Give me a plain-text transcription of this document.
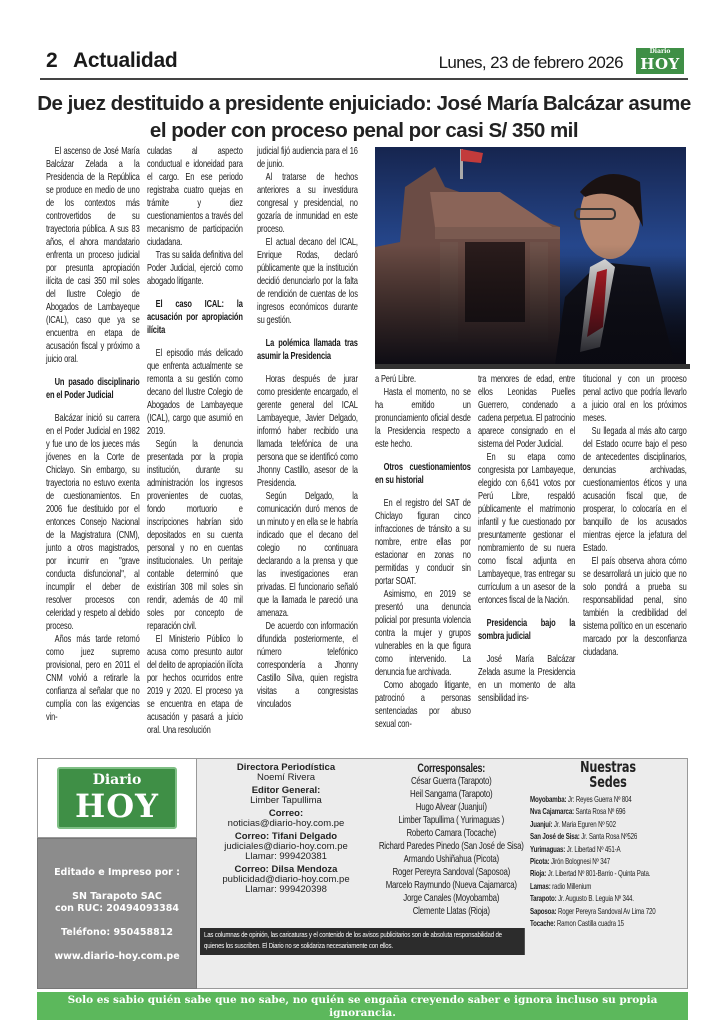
2 Actualidad	Lunes, 23 de febrero 2026
Diario
HOY
De juez destituido a presidente enjuiciado: José María Balcázar asume el poder con proceso penal por casi S/ 350 mil

El ascenso de José María Balcázar Zelada a la Presidencia de la República se produce en medio de uno de los contextos más controvertidos de su trayectoria pública. A sus 83 años, el ahora mandatario enfrenta un proceso judicial por presunta apropiación ilícita de casi 350 mil soles del Ilustre Colegio de Abogados de Lambayeque (ICAL), caso que ya se encuentra en etapa de acusación fiscal y próximo a juicio oral.

Un pasado disciplinario en el Poder Judicial

Balcázar inició su carrera en el Poder Judicial en 1982 y fue uno de los jueces más jóvenes en la Corte de Chiclayo. Sin embargo, su trayectoria no estuvo exenta de cuestionamientos. En 2006 fue destituido por el entonces Consejo Nacional de la Magistratura (CNM), junto a otros magistrados, por incurrir en "grave conducta disfuncional", al incumplir el deber de resolver procesos con celeridad y respeto al debido proceso.

Años más tarde retornó como juez supremo provisional, pero en 2011 el CNM volvió a retirarle la confianza al señalar que no cumplía con las exigencias vin-

culadas al aspecto conductual e idoneidad para el cargo. En ese periodo registraba cuatro quejas en trámite y diez cuestionamientos a través del mecanismo de participación ciudadana.

Tras su salida definitiva del Poder Judicial, ejerció como abogado litigante.

El caso ICAL: la acusación por apropiación ilícita

El episodio más delicado que enfrenta actualmente se remonta a su gestión como decano del Ilustre Colegio de Abogados de Lambayeque (ICAL), cargo que asumió en 2019.

Según la denuncia presentada por la propia institución, durante su administración los ingresos provenientes de cuotas, fondo mortuorio e inscripciones habrían sido depositados en su cuenta personal y no en cuentas institucionales. Un peritaje contable determinó que existirían 308 mil soles sin rendir, además de 40 mil soles por concepto de reparación civil.

El Ministerio Público lo acusa como presunto autor del delito de apropiación ilícita por hechos ocurridos entre 2019 y 2020. El proceso ya se encuentra en etapa de acusación y pasará a juicio oral. Una resolución

judicial fijó audiencia para el 16 de junio.

Al tratarse de hechos anteriores a su investidura congresal y presidencial, no gozaría de inmunidad en este proceso.

El actual decano del ICAL, Enrique Rodas, declaró públicamente que la institución decidió denunciarlo por la falta de rendición de cuentas de los ingresos económicos durante su gestión.

La polémica llamada tras asumir la Presidencia

Horas después de jurar como presidente encargado, el gerente general del ICAL Lambayeque, Javier Delgado, informó haber recibido una llamada telefónica de una persona que se identificó como Jhonny Castillo, asesor de la Presidencia.

Según Delgado, la comunicación duró menos de un minuto y en ella se le habría indicado que el decano del colegio no continuara declarando a la prensa y que las investigaciones eran privadas. El funcionario señaló que la llamada le pareció una amenaza.

De acuerdo con información difundida posteriormente, el número telefónico correspondería a Jhonny Castillo Silva, quien registra visitas a congresistas vinculados

a Perú Libre.

Hasta el momento, no se ha emitido un pronunciamiento oficial desde la Presidencia respecto a este hecho.

Otros cuestionamientos en su historial

En el registro del SAT de Chiclayo figuran cinco infracciones de tránsito a su nombre, entre ellas por estacionar en zonas no permitidas y conducir sin portar SOAT.

Asimismo, en 2019 se presentó una denuncia policial por presunta violencia contra la mujer y grupos vulnerables en la que figura como intervenido. La denuncia fue archivada.

Como abogado litigante, patrocinó a personas sentenciadas por abuso sexual con-

tra menores de edad, entre ellos Leonidas Puelles Guerrero, condenado a cadena perpetua. El patrocinio aparece consignado en el sistema del Poder Judicial.

En su etapa como congresista por Lambayeque, elegido con 6,641 votos por Perú Libre, respaldó públicamente el matrimonio infantil y fue cuestionado por presuntamente gestionar el nombramiento de su nuera como fiscal adjunta en Lambayeque, tras entregar su currículum a un asesor de la entonces fiscal de la Nación.

Presidencia bajo la sombra judicial

José María Balcázar Zelada asume la Presidencia en un momento de alta sensibilidad ins-

titucional y con un proceso penal activo que podría llevarlo a juicio oral en los próximos meses.

Su llegada al más alto cargo del Estado ocurre bajo el peso de antecedentes disciplinarios, denuncias archivadas, cuestionamientos éticos y una acusación fiscal que, de prosperar, lo colocaría en el banquillo de los acusados mientras ejerce la jefatura del Estado.

El país observa ahora cómo se desarrollará un juicio que no solo pondrá a prueba su responsabilidad penal, sino también la credibilidad del sistema político en un escenario marcado por la desconfianza ciudadana.

Diario
HOY
Editado e Impreso por :
SN Tarapoto SAC
con RUC: 20494093384
Teléfono: 950458812
www.diario-hoy.com.pe
Directora Periodística
Noemí Rivera
Editor General:
Limber Tapullima
Correo:
noticias@diario-hoy.com.pe
Correo: Tifani Delgado
judiciales@diario-hoy.com.pe
Llamar: 999420381
Correo: Dilsa Mendoza
publicidad@diario-hoy.com.pe
Llamar: 999420398
Corresponsales:
César Guerra (Tarapoto)
Heil Sangama (Tarapoto)
Hugo Alvear (Juanjuí)
Limber Tapullima ( Yurimaguas )
Roberto Camara (Tocache)
Richard Paredes Pinedo (San José de Sisa)
Armando Ushiñahua (Picota)
Roger Pereyra Sandoval (Saposoa)
Marcelo Raymundo (Nueva Cajamarca)
Jorge Canales (Moyobamba)
Clemente Llatas (Rioja)
Nuestras
Sedes
Moyobamba: Jr: Reyes Guerra Nº 804
Nva Cajamarca: Santa Rosa Nº 696
Juanjuí: Jr. Maria Eguren Nº 502
San José de Sisa: Jr. Santa Rosa Nº526
Yurimaguas: Jr. Libertad Nº 451-A
Picota: Jirón Bolognesi Nº 347
Rioja: Jr. Libertad Nº 801-Barrio - Quinta Pata.
Lamas: radio Millenium
Tarapoto: Jr. Augusto B. Leguia Nº 344.
Saposoa: Roger Pereyra Sandoval Av Lima 720
Tocache: Ramon Castilla cuadra 15
Las columnas de opinión, las caricaturas y el contenido de los avisos publicitarios son de absoluta responsabilidad de quienes los suscriben. El Diario no se solidariza necesariamente con ellos.
Solo es sabio quién sabe que no sabe, no quién se engaña creyendo saber e ignora incluso su propia ignorancia.
